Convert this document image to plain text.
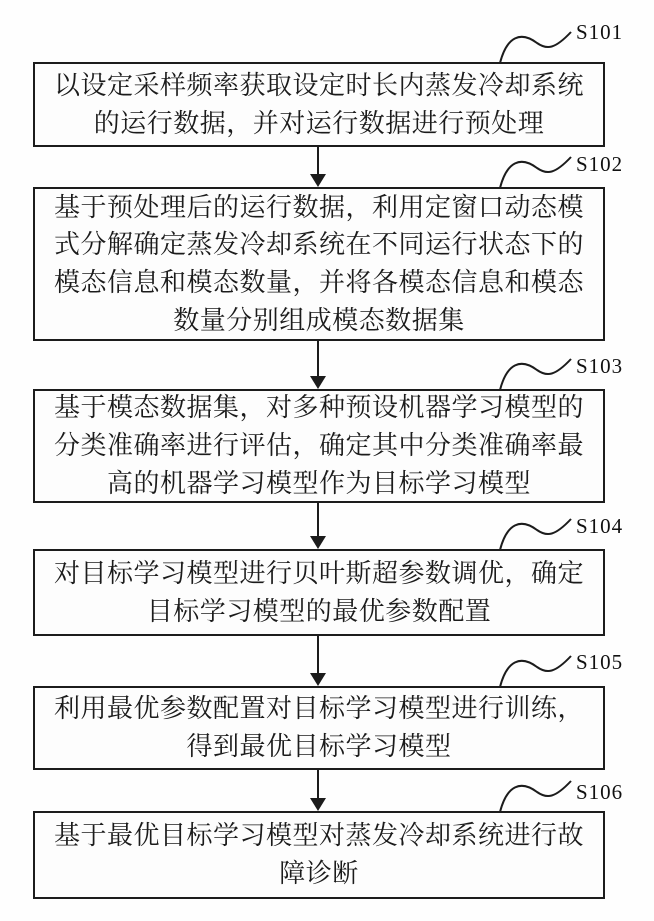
S101
以设定采样频率获取设定时长内蒸发冷却系统的运行数据，并对运行数据进行预处理
S102
基于预处理后的运行数据，利用定窗口动态模式分解确定蒸发冷却系统在不同运行状态下的模态信息和模态数量，并将各模态信息和模态数量分别组成模态数据集
S103
基于模态数据集，对多种预设机器学习模型的分类准确率进行评估，确定其中分类准确率最高的机器学习模型作为目标学习模型
S104
对目标学习模型进行贝叶斯超参数调优，确定目标学习模型的最优参数配置
S105
利用最优参数配置对目标学习模型进行训练，得到最优目标学习模型
S106
基于最优目标学习模型对蒸发冷却系统进行故障诊断
